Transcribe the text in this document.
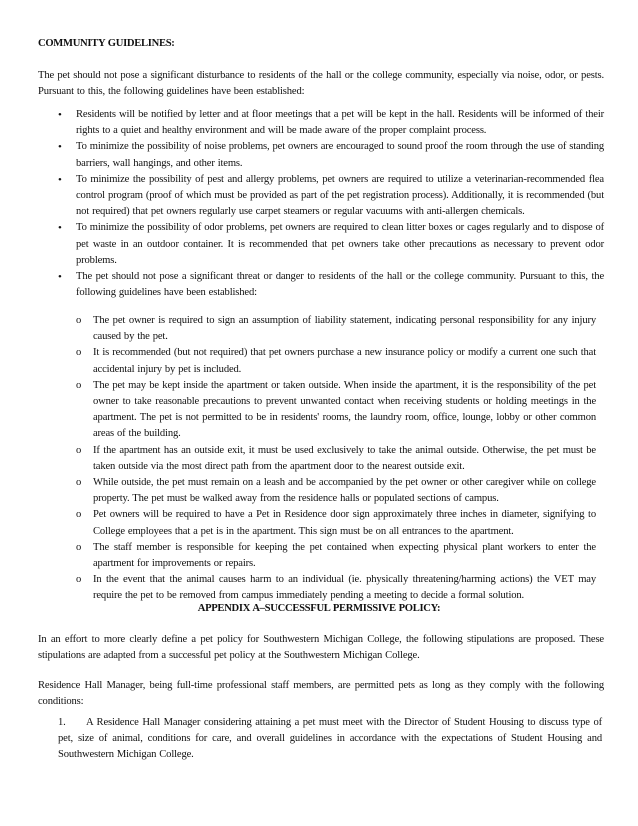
COMMUNITY GUIDELINES:
The pet should not pose a significant disturbance to residents of the hall or the college community, especially via noise, odor, or pests. Pursuant to this, the following guidelines have been established:
• Residents will be notified by letter and at floor meetings that a pet will be kept in the hall. Residents will be informed of their rights to a quiet and healthy environment and will be made aware of the proper complaint process.
• To minimize the possibility of noise problems, pet owners are encouraged to sound proof the room through the use of standing barriers, wall hangings, and other items.
• To minimize the possibility of pest and allergy problems, pet owners are required to utilize a veterinarian-recommended flea control program (proof of which must be provided as part of the pet registration process). Additionally, it is recommended (but not required) that pet owners regularly use carpet steamers or regular vacuums with anti-allergen chemicals.
• To minimize the possibility of odor problems, pet owners are required to clean litter boxes or cages regularly and to dispose of pet waste in an outdoor container. It is recommended that pet owners take other precautions as necessary to prevent odor problems.
• The pet should not pose a significant threat or danger to residents of the hall or the college community. Pursuant to this, the following guidelines have been established:
o The pet owner is required to sign an assumption of liability statement, indicating personal responsibility for any injury caused by the pet.
o It is recommended (but not required) that pet owners purchase a new insurance policy or modify a current one such that accidental injury by pet is included.
o The pet may be kept inside the apartment or taken outside. When inside the apartment, it is the responsibility of the pet owner to take reasonable precautions to prevent unwanted contact when receiving students or holding meetings in the apartment. The pet is not permitted to be in residents' rooms, the laundry room, office, lounge, lobby or other common areas of the building.
o If the apartment has an outside exit, it must be used exclusively to take the animal outside. Otherwise, the pet must be taken outside via the most direct path from the apartment door to the nearest outside exit.
o While outside, the pet must remain on a leash and be accompanied by the pet owner or other caregiver while on college property. The pet must be walked away from the residence halls or populated sections of campus.
o Pet owners will be required to have a Pet in Residence door sign approximately three inches in diameter, signifying to College employees that a pet is in the apartment. This sign must be on all entrances to the apartment.
o The staff member is responsible for keeping the pet contained when expecting physical plant workers to enter the apartment for improvements or repairs.
o In the event that the animal causes harm to an individual (ie. physically threatening/harming actions) the VET may require the pet to be removed from campus immediately pending a meeting to decide a formal solution.
APPENDIX A–SUCCESSFUL PERMISSIVE POLICY:
In an effort to more clearly define a pet policy for Southwestern Michigan College, the following stipulations are proposed. These stipulations are adapted from a successful pet policy at the Southwestern Michigan College.
Residence Hall Manager, being full-time professional staff members, are permitted pets as long as they comply with the following conditions:
1. A Residence Hall Manager considering attaining a pet must meet with the Director of Student Housing to discuss type of pet, size of animal, conditions for care, and overall guidelines in accordance with the expectations of Student Housing and Southwestern Michigan College.
